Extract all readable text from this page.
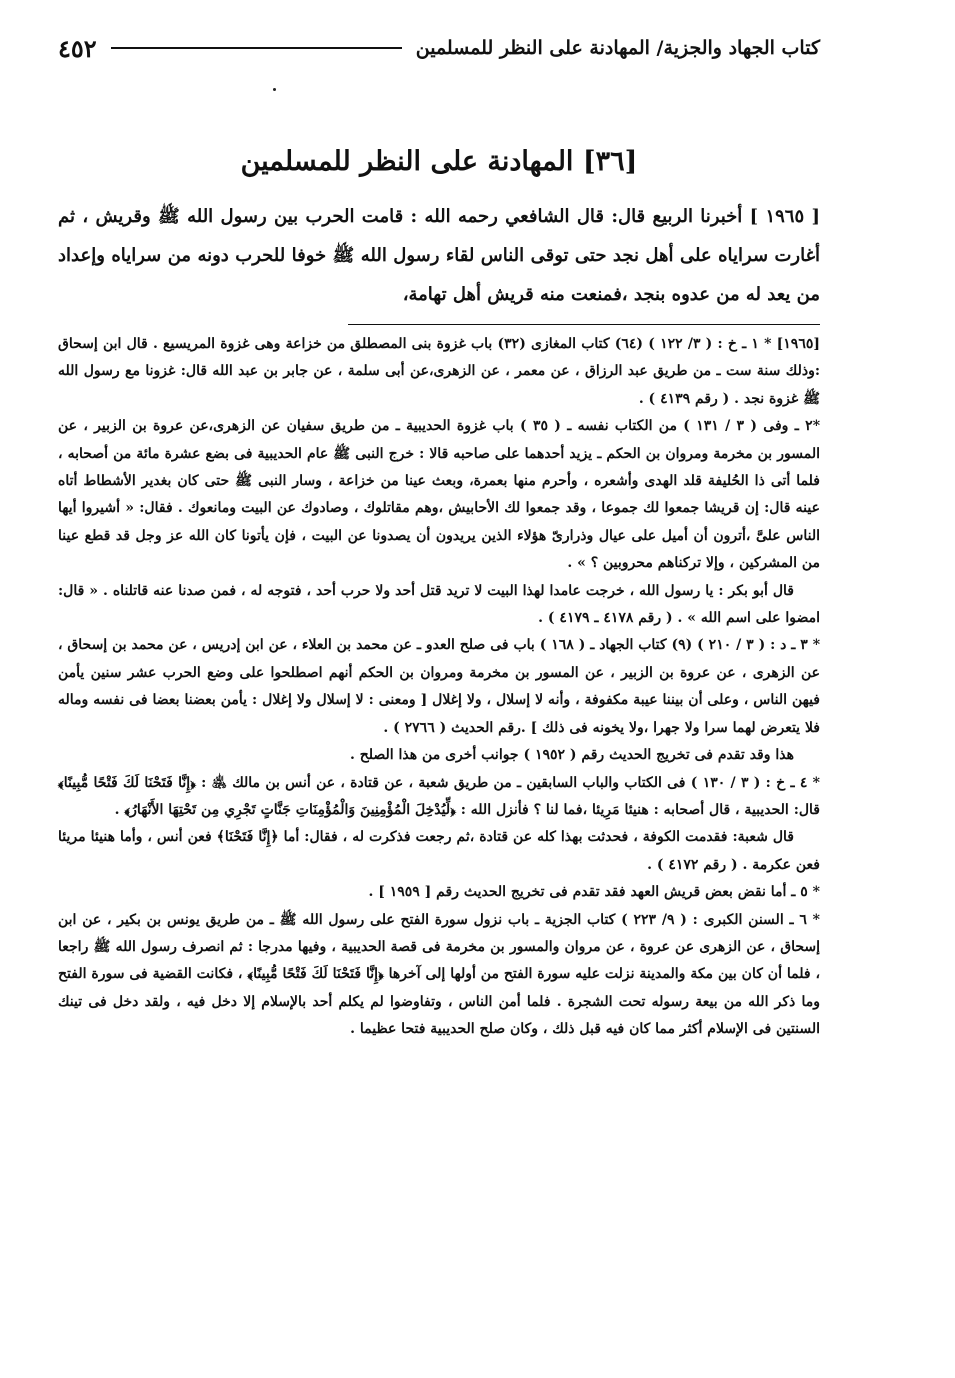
كتاب الجهاد والجزية/ المهادنة على النظر للمسلمين
٤٥٢
[٣٦] المهادنة على النظر للمسلمين
[ ١٩٦٥ ] أخبرنا الربيع قال: قال الشافعي رحمه الله : قامت الحرب بين رسول الله ﷺ وقريش ، ثم أغارت سراياه على أهل نجد حتى توقى الناس لقاء رسول الله ﷺ خوفا للحرب دونه من سراياه وإعداد من يعد له من عدوه بنجد ،فمنعت منه قريش أهل تهامة،

[١٩٦٥] * ١ ـ خ : ( ٣/ ١٢٢ ) (٦٤) كتاب المغازى (٣٢) باب غزوة بنى المصطلق من خزاعة وهى غزوة المريسيع . قال ابن إسحاق :وذلك سنة ست ـ من طريق عبد الرزاق ، عن معمر ، عن الزهرى،عن أبى سلمة ، عن جابر بن عبد الله قال: غزونا مع رسول الله ﷺ غزوة نجد . ( رقم ٤١٣٩ ) .

*٢ ـ وفى ( ٣ / ١٣١ ) من الكتاب نفسه ـ ( ٣٥ ) باب غزوة الحديبية ـ من طريق سفيان عن الزهرى،عن عروة بن الزبير ، عن المسور بن مخرمة ومروان بن الحكم ـ يزيد أحدهما على صاحبه قالا : خرج النبى ﷺ عام الحديبية فى بضع عشرة مائة من أصحابه ، فلما أتى ذا الحُليفة قلد الهدى وأشعره ، وأحرم منها بعمرة، وبعث عينا من خزاعة ، وسار النبى ﷺ حتى كان بغدير الأشطاط أتاه عينه قال: إن قريشا جمعوا لك جموعا ، وقد جمعوا لك الأحابيش ،وهم مقاتلوك ، وصادوك عن البيت ومانعوك . فقال: « أشيروا أيها الناس علىَّ ،أترون أن أميل على عيال وذرارىّ هؤلاء الذين يريدون أن يصدونا عن البيت ، فإن يأتونا كان الله عز وجل قد قطع عينا من المشركين ، وإلا تركناهم محروبين ؟ » .

قال أبو بكر : يا رسول الله ، خرجت عامدا لهذا البيت لا تريد قتل أحد ولا حرب أحد ، فتوجه له ، فمن صدنا عنه قاتلناه . « قال: امضوا على اسم الله » . ( رقم ٤١٧٨ ـ ٤١٧٩ ) .

* ٣ ـ د : ( ٣ / ٢١٠ ) (٩) كتاب الجهاد ـ ( ١٦٨ ) باب فى صلح العدو ـ عن محمد بن العلاء ، عن ابن إدريس ، عن محمد بن إسحاق ، عن الزهرى ، عن عروة بن الزبير ، عن المسور بن مخرمة ومروان بن الحكم أنهم اصطلحوا على وضع الحرب عشر سنين يأمن فيهن الناس ، وعلى أن بيننا عيبة مكفوفة ، وأنه لا إسلال ، ولا إغلال [ ومعنى : لا إسلال ولا إغلال : يأمن بعضنا بعضا فى نفسه وماله فلا يتعرض لهما سرا ولا جهرا ،ولا يخونه فى ذلك ] .رقم الحديث ( ٢٧٦٦ ) .

هذا وقد تقدم فى تخريج الحديث رقم ( ١٩٥٢ ) جوانب أخرى من هذا الصلح .

* ٤ ـ خ : ( ٣ / ١٣٠ ) فى الكتاب والباب السابقين ـ من طريق شعبة ، عن قتادة ، عن أنس بن مالك ﵁ : ﴿إِنَّا فَتَحْنَا لَكَ فَتْحًا مُّبِينًا﴾ قال: الحديبية ، قال أصحابه : هنيئا مَرِيئا ،فما لنا ؟ فأنزل الله : ﴿لِّيُدْخِلَ الْمُؤْمِنِينَ وَالْمُؤْمِنَاتِ جَنَّاتٍ تَجْرِي مِن تَحْتِهَا الأَنْهَارُ﴾ .

قال شعبة: فقدمت الكوفة ، فحدثت بهذا كله عن قتادة ،ثم رجعت فذكرت له ، فقال: أما ﴿إِنَّا فَتَحْنَا﴾ فعن أنس ، وأما هنيئا مريئا فعن عكرمة . ( رقم ٤١٧٢ ) .

* ٥ ـ أما نقض بعض قريش العهد فقد تقدم فى تخريج الحديث رقم [ ١٩٥٩ ] .

* ٦ ـ السنن الكبرى : ( ٩/ ٢٢٣ ) كتاب الجزية ـ باب نزول سورة الفتح على رسول الله ﷺ ـ من طريق يونس بن بكير ، عن ابن إسحاق ، عن الزهرى عن عروة ، عن مروان والمسور بن مخرمة فى قصة الحديبية ، وفيها مدرجا : ثم انصرف رسول الله ﷺ راجعا ، فلما أن كان بين مكة والمدينة نزلت عليه سورة الفتح من أولها إلى آخرها ﴿إِنَّا فَتَحْنَا لَكَ فَتْحًا مُّبِينًا﴾ ، فكانت القضية فى سورة الفتح وما ذكر الله من بيعة رسوله تحت الشجرة . فلما أمن الناس ، وتفاوضوا لم يكلم أحد بالإسلام إلا دخل فيه ، ولقد دخل فى تينك السنتين فى الإسلام أكثر مما كان فيه قبل ذلك ، وكان صلح الحديبية فتحا عظيما .
